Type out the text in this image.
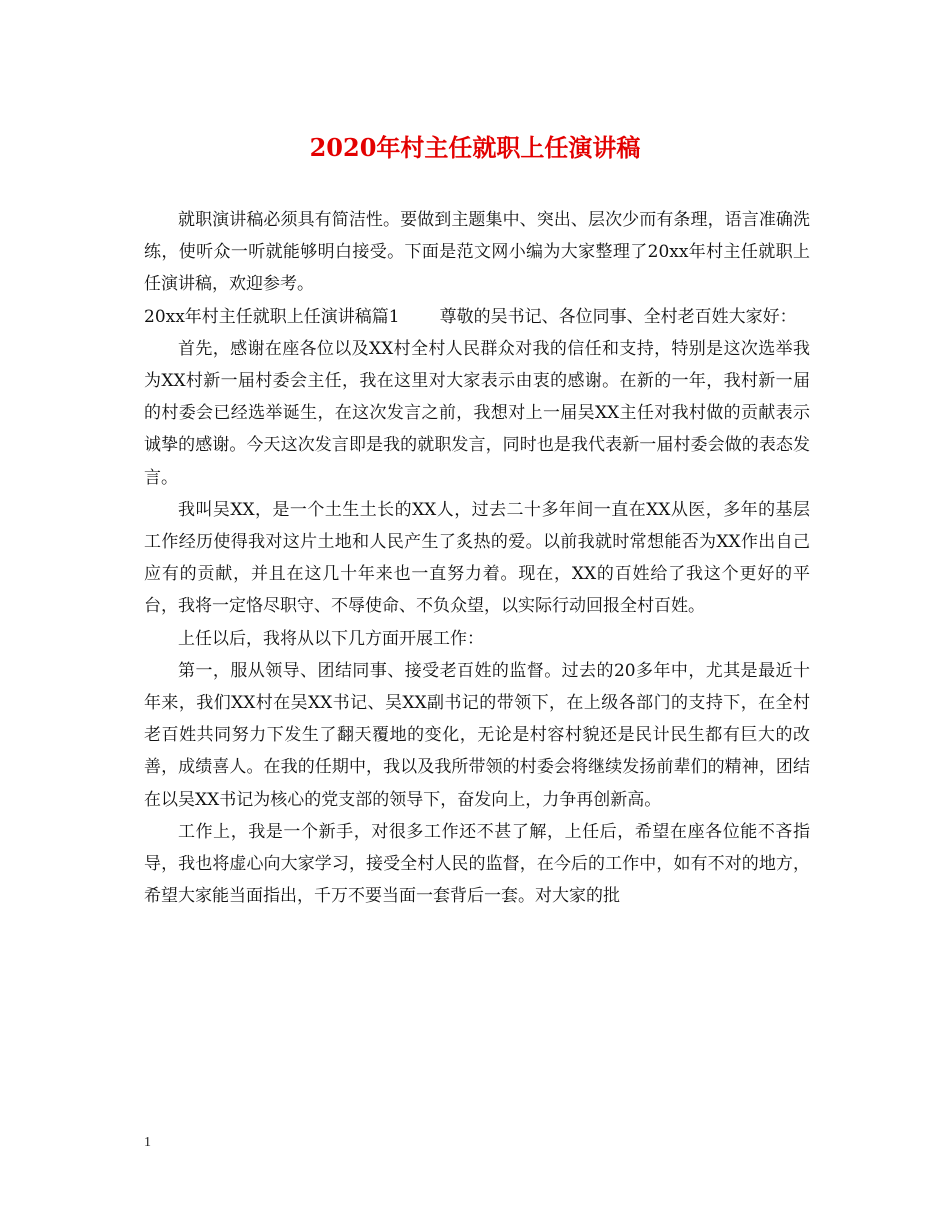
2020年村主任就职上任演讲稿

就职演讲稿必须具有简洁性。要做到主题集中、突出、层次少而有条理，语言准确洗练，使听众一听就能够明白接受。下面是范文网小编为大家整理了20xx年村主任就职上任演讲稿，欢迎参考。

20xx年村主任就职上任演讲稿篇1 尊敬的吴书记、各位同事、全村老百姓大家好：

首先，感谢在座各位以及XX村全村人民群众对我的信任和支持，特别是这次选举我为XX村新一届村委会主任，我在这里对大家表示由衷的感谢。在新的一年，我村新一届的村委会已经选举诞生，在这次发言之前，我想对上一届吴XX主任对我村做的贡献表示诚挚的感谢。今天这次发言即是我的就职发言，同时也是我代表新一届村委会做的表态发言。

我叫吴XX，是一个土生土长的XX人，过去二十多年间一直在XX从医，多年的基层工作经历使得我对这片土地和人民产生了炙热的爱。以前我就时常想能否为XX作出自己应有的贡献，并且在这几十年来也一直努力着。现在，XX的百姓给了我这个更好的平台，我将一定恪尽职守、不辱使命、不负众望，以实际行动回报全村百姓。

上任以后，我将从以下几方面开展工作：

第一，服从领导、团结同事、接受老百姓的监督。过去的20多年中，尤其是最近十年来，我们XX村在吴XX书记、吴XX副书记的带领下，在上级各部门的支持下，在全村老百姓共同努力下发生了翻天覆地的变化，无论是村容村貌还是民计民生都有巨大的改善，成绩喜人。在我的任期中，我以及我所带领的村委会将继续发扬前辈们的精神，团结在以吴XX书记为核心的党支部的领导下，奋发向上，力争再创新高。

工作上，我是一个新手，对很多工作还不甚了解，上任后，希望在座各位能不吝指导，我也将虚心向大家学习，接受全村人民的监督，在今后的工作中，如有不对的地方，希望大家能当面指出，千万不要当面一套背后一套。对大家的批

1
